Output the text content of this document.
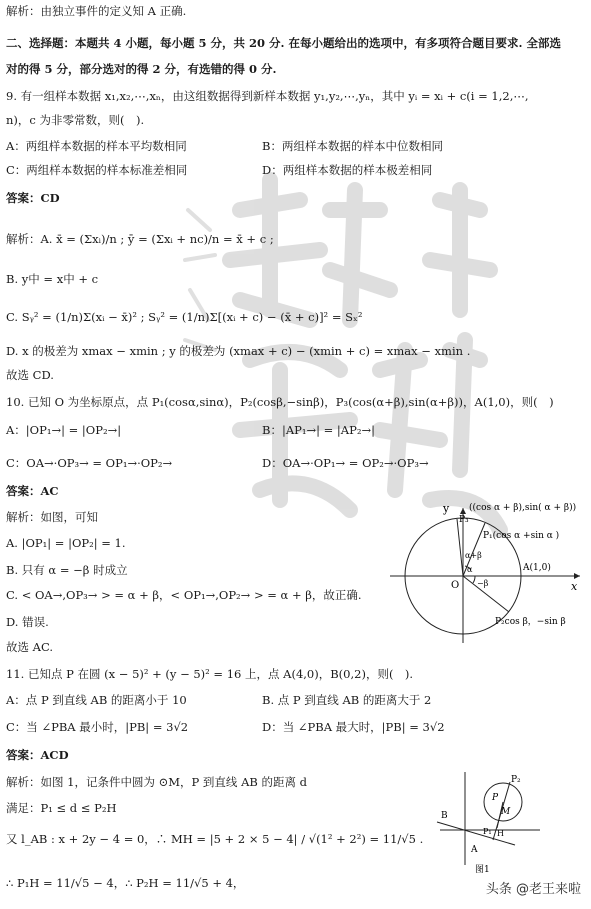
解析：由独立事件的定义知 A 正确.
二、选择题：本题共 4 小题，每小题 5 分，共 20 分. 在每小题给出的选项中，有多项符合题目要求. 全部选
对的得 5 分，部分选对的得 2 分，有选错的得 0 分.
9. 有一组样本数据 x₁,x₂,⋯,xₙ，由这组数据得到新样本数据 y₁,y₂,⋯,yₙ，其中 yᵢ = xᵢ + c(i = 1,2,⋯,
n)，c 为非零常数，则(　).
A：两组样本数据的样本平均数相同	B：两组样本数据的样本中位数相同
C：两组样本数据的样本标准差相同	D：两组样本数据的样本极差相同
答案：CD
解析：A. x̄ = (Σxᵢ)/n ; ȳ = (Σxᵢ + nc)/n = x̄ + c ;
B. y中 = x中 + c
C. Sᵧ² = (1/n)Σ(xᵢ − x̄)² ; Sᵧ² = (1/n)Σ[(xᵢ + c) − (x̄ + c)]² = Sₓ²
D. x 的极差为 xmax − xmin ; y 的极差为 (xmax + c) − (xmin + c) = xmax − xmin .
故选 CD.
10. 已知 O 为坐标原点，点 P₁(cosα,sinα)，P₂(cosβ,−sinβ)，P₃(cos(α+β),sin(α+β))，A(1,0)，则(　)
A：|OP₁→| = |OP₂→|	B：|AP₁→| = |AP₂→|
C：OA→·OP₃→ = OP₁→·OP₂→	D：OA→·OP₁→ = OP₂→·OP₃→
答案：AC
解析：如图，可知
A. |OP₁| = |OP₂| = 1.
B. 只有 α = −β 时成立
C. < OA→,OP₃→ > = α + β，< OP₁→,OP₂→ > = α + β，故正确.
D. 错误.
故选 AC.
y
x
O
P₃
((cos α + β),sin( α + β))
P₁(cos α +sin α )
α+β
α
−β
A(1,0)
P₂cos β，−sin β
11. 已知点 P 在圆 (x − 5)² + (y − 5)² = 16 上，点 A(4,0)，B(0,2)，则(　).
A：点 P 到直线 AB 的距离小于 10	B. 点 P 到直线 AB 的距离大于 2
C：当 ∠PBA 最小时，|PB| = 3√2	D：当 ∠PBA 最大时，|PB| = 3√2
答案：ACD
解析：如图 1，记条件中圆为 ⊙M，P 到直线 AB 的距离 d
满足：P₁ ≤ d ≤ P₂H
又 l_AB : x + 2y − 4 = 0，∴ MH = |5 + 2 × 5 − 4| / √(1² + 2²) = 11/√5 .
∴ P₁H = 11/√5 − 4，∴ P₂H = 11/√5 + 4，
P₂
P
M
B
P₁ H
A
图1
头条 @老王来啦
